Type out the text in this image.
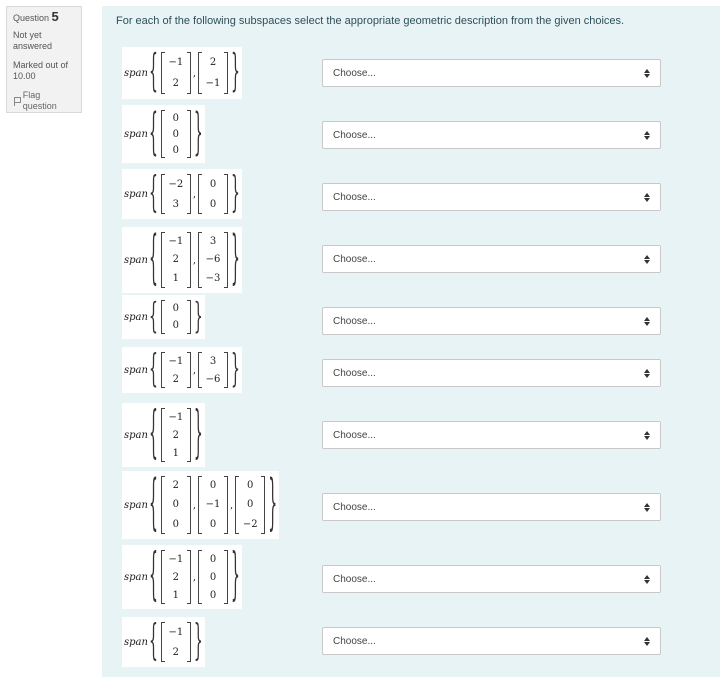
Question 5
Not yet answered
Marked out of 10.00
Flag question
For each of the following subspaces select the appropriate geometric description from the given choices.
span { −1
2
,
2
−1 }	Choose...
span { 0
0
0 }	Choose...
span { −2
3
,
0
0 }	Choose...
span { −1
2
1
,
3
−6
−3 }	Choose...
span { 0
0 }	Choose...
span { −1
2
,
3
−6 }	Choose...
span { −1
2
1 }	Choose...
span { 2
0
0
,
0
−1
0
,
0
0
−2 }	Choose...
span { −1
2
1
,
0
0
0 }	Choose...
span { −1
2 }	Choose...
